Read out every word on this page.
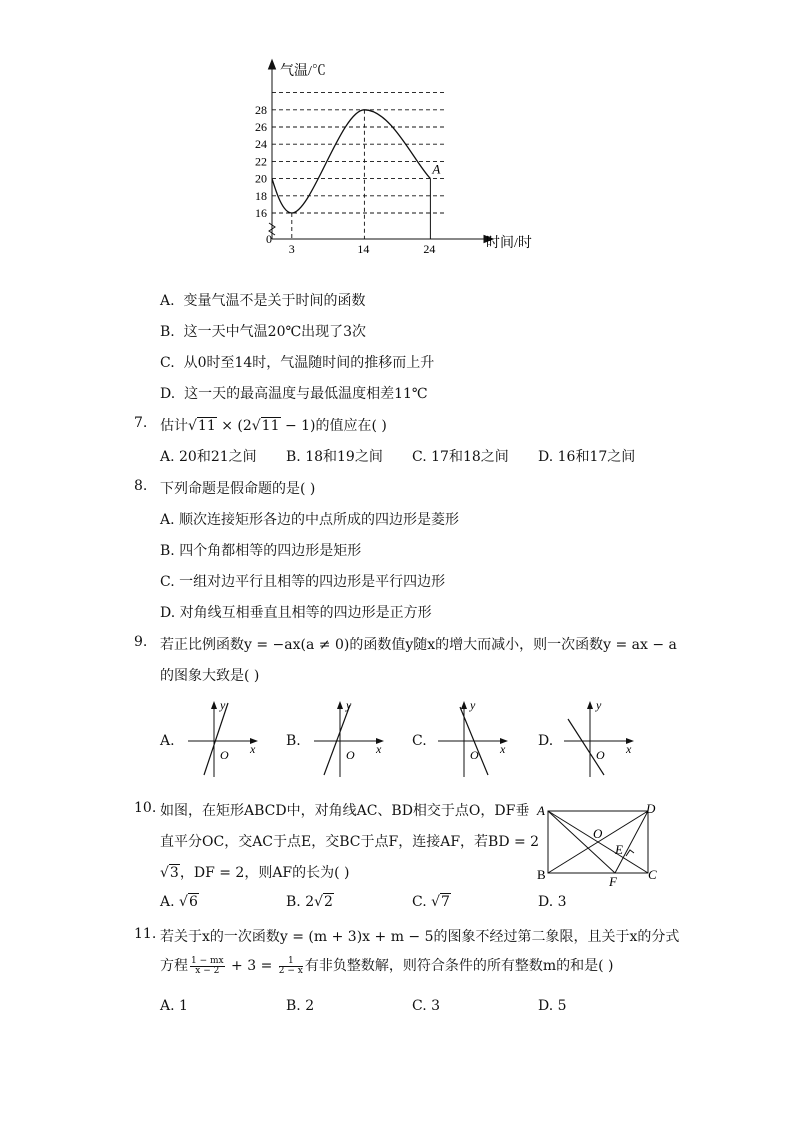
28
26
24
22
20
18
16
3	14	24
气温/℃
时间/时
0
A
A. 变量气温不是关于时间的函数
B. 这一天中气温20℃出现了3次
C. 从0时至14时，气温随时间的推移而上升
D. 这一天的最高温度与最低温度相差11℃
7. 估计√11 × (2√11 − 1)的值应在( )
A. 20和21之间 B. 18和19之间 C. 17和18之间 D. 16和17之间
8. 下列命题是假命题的是( )
A. 顺次连接矩形各边的中点所成的四边形是菱形
B. 四个角都相等的四边形是矩形
C. 一组对边平行且相等的四边形是平行四边形
D. 对角线互相垂直且相等的四边形是正方形
9. 若正比例函数y = −ax(a ≠ 0)的函数值y随x的增大而减小，则一次函数y = ax − a
的图象大致是( )
A.
y
x
O
B.
y
x
O
C.
y
x
O
D.
y
x
O
10. 如图，在矩形ABCD中，对角线AC、BD相交于点O，DF垂
直平分OC，交AC于点E，交BC于点F，连接AF，若BD = 2
√3，DF = 2，则AF的长为( )
A	D
O
E
B	F C
A. √6	B. 2√2	C. √7	D. 3
11. 若关于x的一次函数y = (m + 3)x + m − 5的图象不经过第二象限，且关于x的分式
方程 $\frac{1 - mx}{x - 2} + 3 = \frac{1}{2 - x}$ 有非负整数解，则符合条件的所有整数m的和是( )
A. 1	B. 2	C. 3	D. 5
